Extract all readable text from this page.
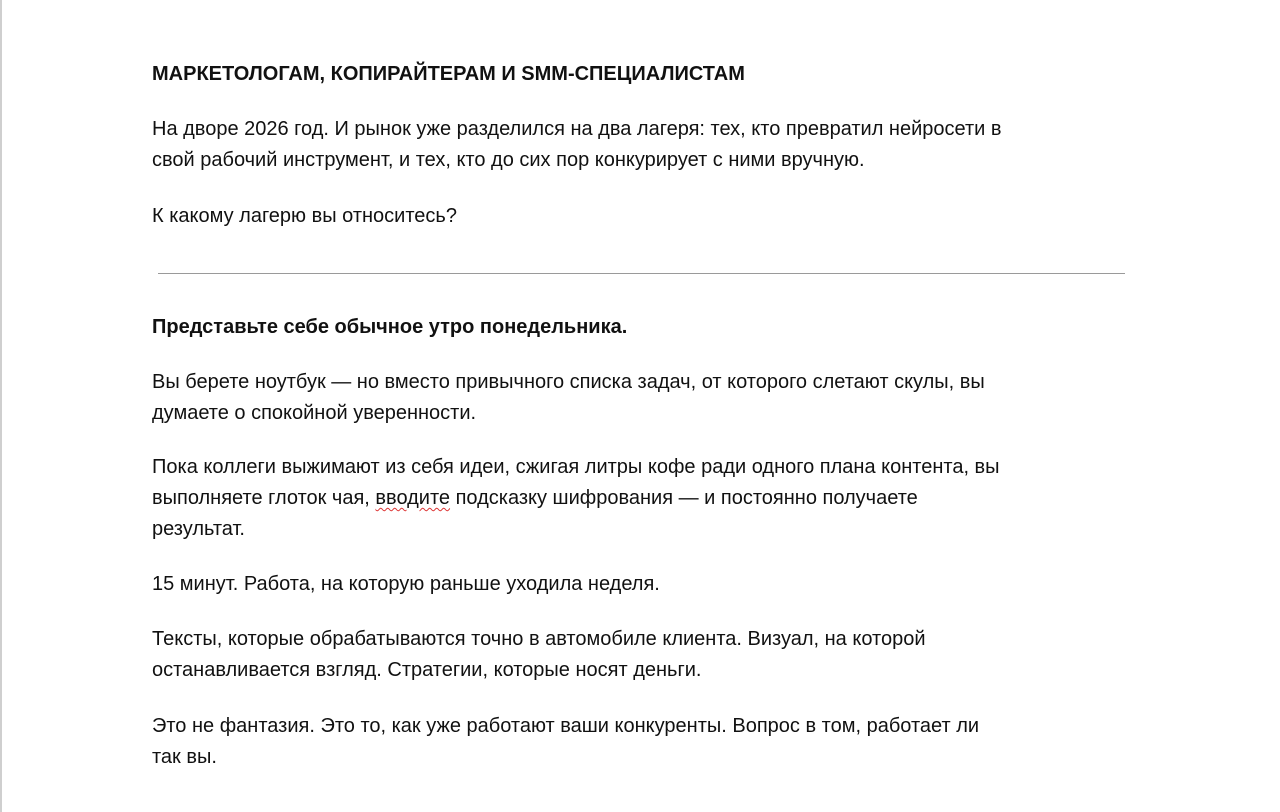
МАРКЕТОЛОГАМ, КОПИРАЙТЕРАМ И SMM-СПЕЦИАЛИСТАМ
На дворе 2026 год. И рынок уже разделился на два лагеря: тех, кто превратил нейросети в
свой рабочий инструмент, и тех, кто до сих пор конкурирует с ними вручную.
К какому лагерю вы относитесь?
Представьте себе обычное утро понедельника.
Вы берете ноутбук — но вместо привычного списка задач, от которого слетают скулы, вы
думаете о спокойной уверенности.
Пока коллеги выжимают из себя идеи, сжигая литры кофе ради одного плана контента, вы
выполняете глоток чая, вводите подсказку шифрования — и постоянно получаете
результат.
15 минут. Работа, на которую раньше уходила неделя.
Тексты, которые обрабатываются точно в автомобиле клиента. Визуал, на которой
останавливается взгляд. Стратегии, которые носят деньги.
Это не фантазия. Это то, как уже работают ваши конкуренты. Вопрос в том, работает ли
так вы.
